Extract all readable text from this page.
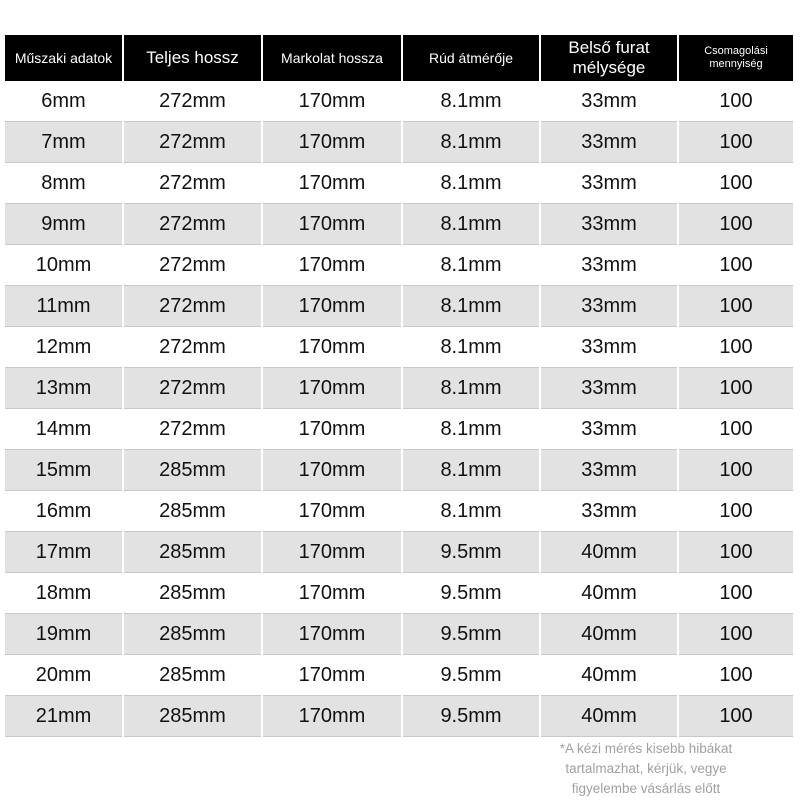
Műszaki adatok	Teljes hossz	Markolat hossza	Rúd átmérője	Belső furat mélysége	Csomagolási mennyiség
6mm	272mm	170mm	8.1mm	33mm	100
7mm	272mm	170mm	8.1mm	33mm	100
8mm	272mm	170mm	8.1mm	33mm	100
9mm	272mm	170mm	8.1mm	33mm	100
10mm	272mm	170mm	8.1mm	33mm	100
11mm	272mm	170mm	8.1mm	33mm	100
12mm	272mm	170mm	8.1mm	33mm	100
13mm	272mm	170mm	8.1mm	33mm	100
14mm	272mm	170mm	8.1mm	33mm	100
15mm	285mm	170mm	8.1mm	33mm	100
16mm	285mm	170mm	8.1mm	33mm	100
17mm	285mm	170mm	9.5mm	40mm	100
18mm	285mm	170mm	9.5mm	40mm	100
19mm	285mm	170mm	9.5mm	40mm	100
20mm	285mm	170mm	9.5mm	40mm	100
21mm	285mm	170mm	9.5mm	40mm	100
*A kézi mérés kisebb hibákat
tartalmazhat, kérjük, vegye
figyelembe vásárlás előtt
